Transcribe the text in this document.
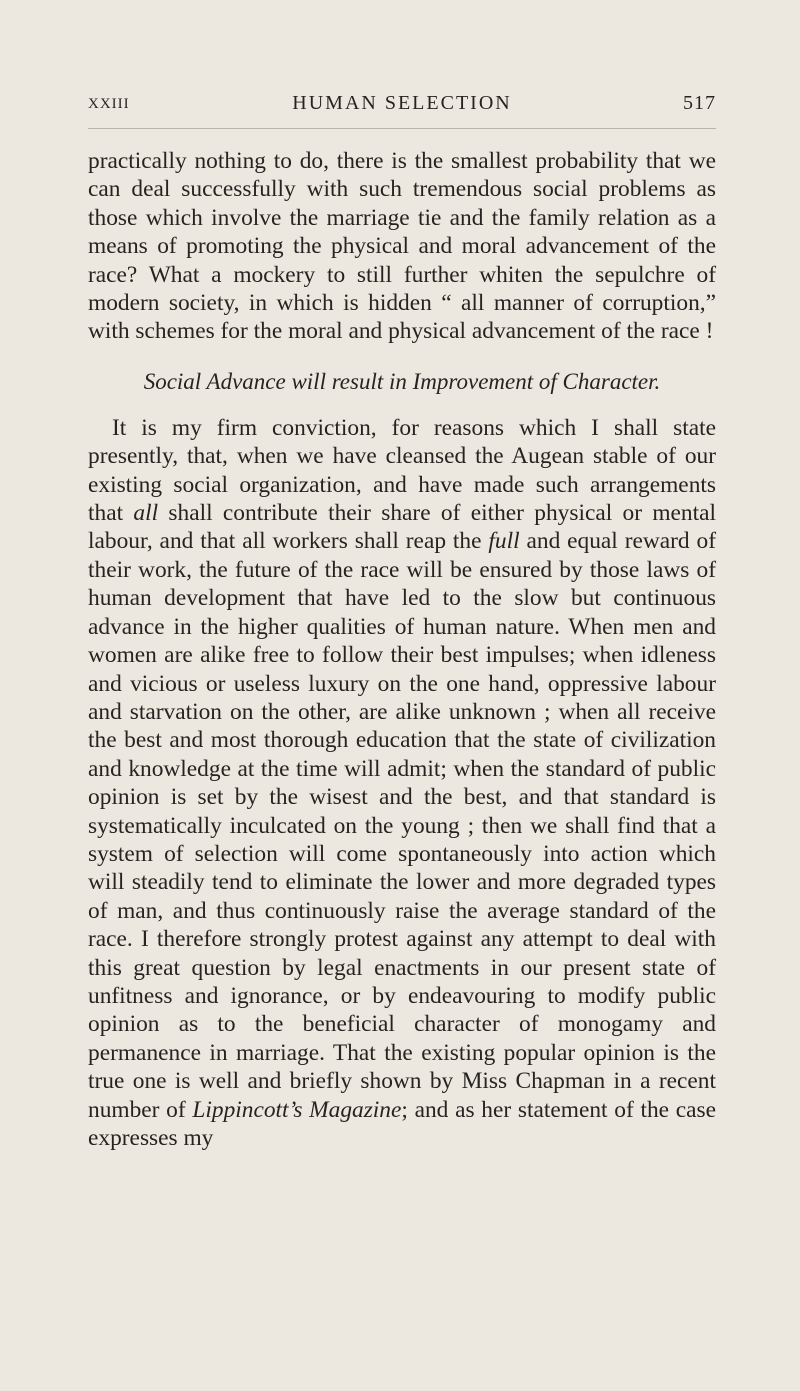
XXIII	HUMAN SELECTION	517

practically nothing to do, there is the smallest probability that we can deal successfully with such tremendous social problems as those which involve the marriage tie and the family relation as a means of promoting the physical and moral advancement of the race? What a mockery to still further whiten the sepulchre of modern society, in which is hidden “ all manner of corruption,” with schemes for the moral and physical advancement of the race !

Social Advance will result in Improvement of Character.

It is my firm conviction, for reasons which I shall state presently, that, when we have cleansed the Augean stable of our existing social organization, and have made such arrangements that all shall contribute their share of either physical or mental labour, and that all workers shall reap the full and equal reward of their work, the future of the race will be ensured by those laws of human development that have led to the slow but continuous advance in the higher qualities of human nature. When men and women are alike free to follow their best impulses; when idleness and vicious or useless luxury on the one hand, oppressive labour and starvation on the other, are alike unknown ; when all receive the best and most thorough education that the state of civilization and knowledge at the time will admit; when the standard of public opinion is set by the wisest and the best, and that standard is systematically inculcated on the young ; then we shall find that a system of selection will come spontaneously into action which will steadily tend to eliminate the lower and more degraded types of man, and thus continuously raise the average standard of the race. I therefore strongly protest against any attempt to deal with this great question by legal enactments in our present state of unfitness and ignorance, or by endeavouring to modify public opinion as to the beneficial character of monogamy and permanence in marriage. That the existing popular opinion is the true one is well and briefly shown by Miss Chapman in a recent number of Lippincott’s Magazine; and as her statement of the case expresses my
